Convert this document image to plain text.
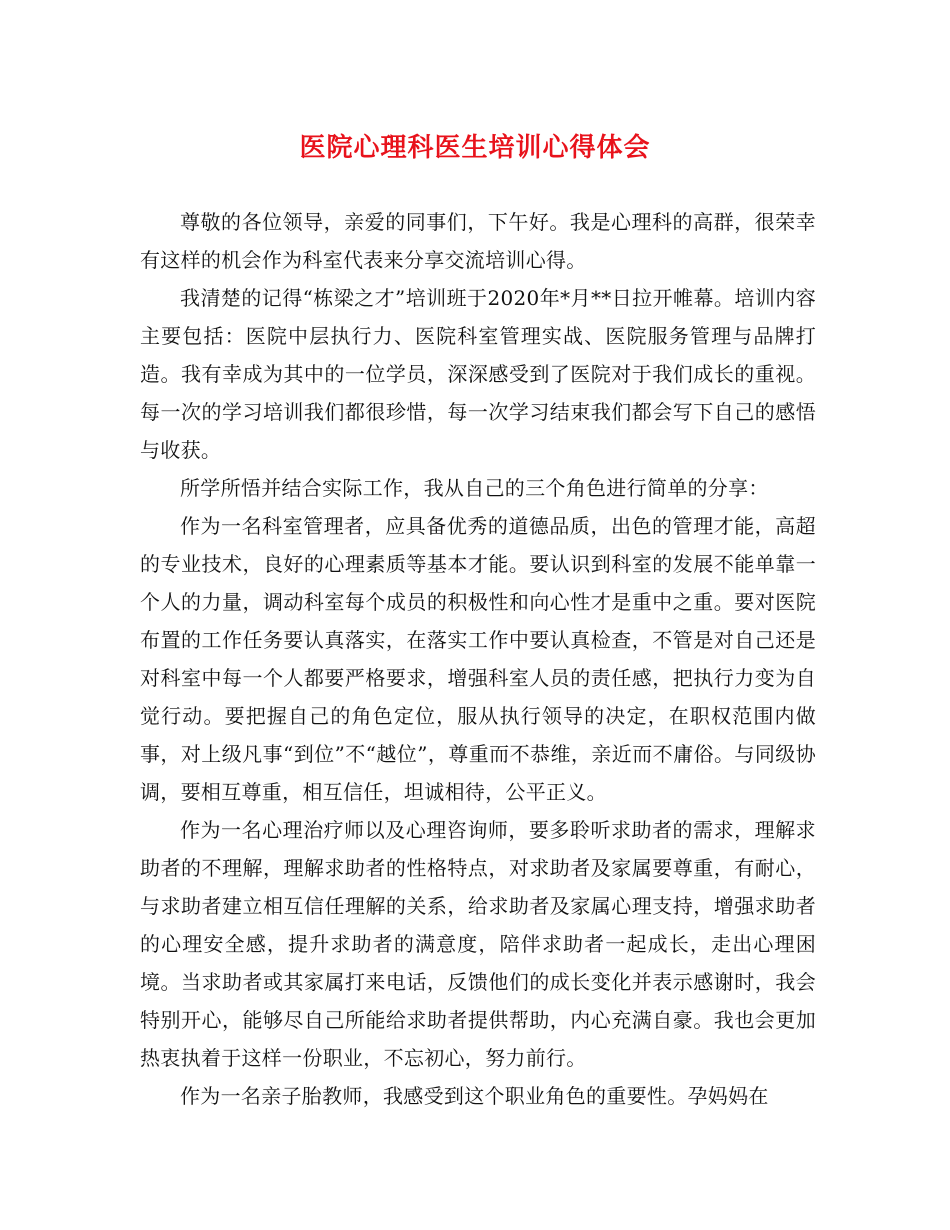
医院心理科医生培训心得体会

尊敬的各位领导，亲爱的同事们，下午好。我是心理科的高群，很荣幸有这样的机会作为科室代表来分享交流培训心得。

我清楚的记得“栋梁之才”培训班于2020年*月**日拉开帷幕。培训内容主要包括：医院中层执行力、医院科室管理实战、医院服务管理与品牌打造。我有幸成为其中的一位学员，深深感受到了医院对于我们成长的重视。每一次的学习培训我们都很珍惜，每一次学习结束我们都会写下自己的感悟与收获。

所学所悟并结合实际工作，我从自己的三个角色进行简单的分享：

作为一名科室管理者，应具备优秀的道德品质，出色的管理才能，高超的专业技术，良好的心理素质等基本才能。要认识到科室的发展不能单靠一个人的力量，调动科室每个成员的积极性和向心性才是重中之重。要对医院布置的工作任务要认真落实，在落实工作中要认真检查，不管是对自己还是对科室中每一个人都要严格要求，增强科室人员的责任感，把执行力变为自觉行动。要把握自己的角色定位，服从执行领导的决定，在职权范围内做事，对上级凡事“到位”不“越位”，尊重而不恭维，亲近而不庸俗。与同级协调，要相互尊重，相互信任，坦诚相待，公平正义。

作为一名心理治疗师以及心理咨询师，要多聆听求助者的需求，理解求助者的不理解，理解求助者的性格特点，对求助者及家属要尊重，有耐心，与求助者建立相互信任理解的关系，给求助者及家属心理支持，增强求助者的心理安全感，提升求助者的满意度，陪伴求助者一起成长，走出心理困境。当求助者或其家属打来电话，反馈他们的成长变化并表示感谢时，我会特别开心，能够尽自己所能给求助者提供帮助，内心充满自豪。我也会更加热衷执着于这样一份职业，不忘初心，努力前行。

作为一名亲子胎教师，我感受到这个职业角色的重要性。孕妈妈在
